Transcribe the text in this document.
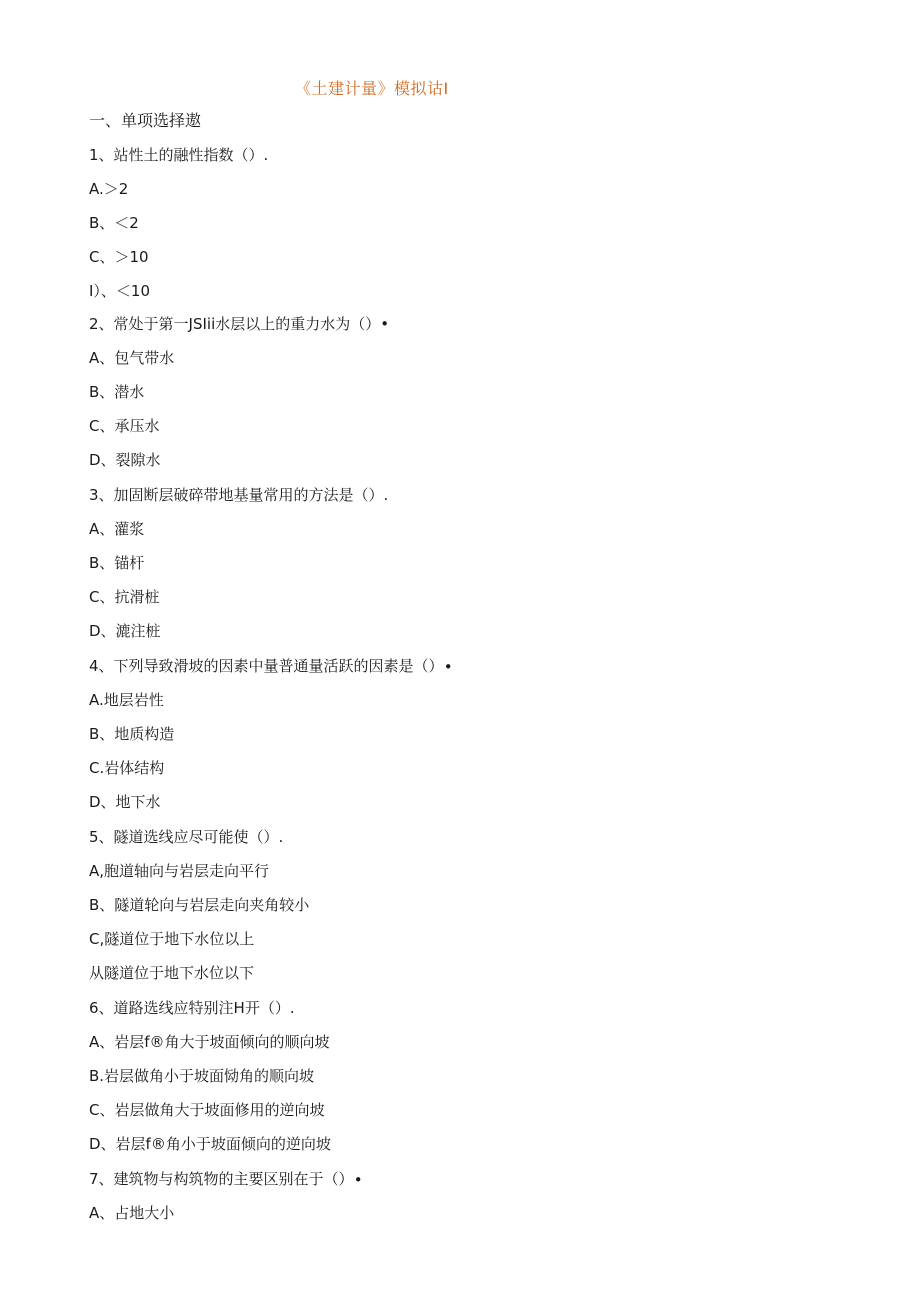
《土建计量》模拟诂I
一、单项选择遨
1、站性土的融性指数（）.
A.＞2
B、＜2
C、＞10
I）、＜10
2、常处于第一JSIii水层以上的重力水为（）•
A、包气带水
B、潜水
C、承压水
D、裂隙水
3、加固断层破碎带地基量常用的方法是（）.
A、灌浆
B、锚杆
C、抗滑桩
D、漉注桩
4、下列导致滑坡的因素中量普通量活跃的因素是（）∙
A.地层岩性
B、地质构造
C.岩体结构
D、地下水
5、隧道选线应尽可能使（）.
A,胞道轴向与岩层走向平行
B、隧道轮向与岩层走向夹角较小
C,隧道位于地下水位以上
从隧道位于地下水位以下
6、道路选线应特别注H开（）.
A、岩层f®角大于坡面倾向的顺向坡
B.岩层做角小于坡面恸角的顺向坡
C、岩层做角大于坡面修用的逆向坡
D、岩层f®角小于坡面倾向的逆向坡
7、建筑物与构筑物的主要区别在于（）∙
A、占地大小
